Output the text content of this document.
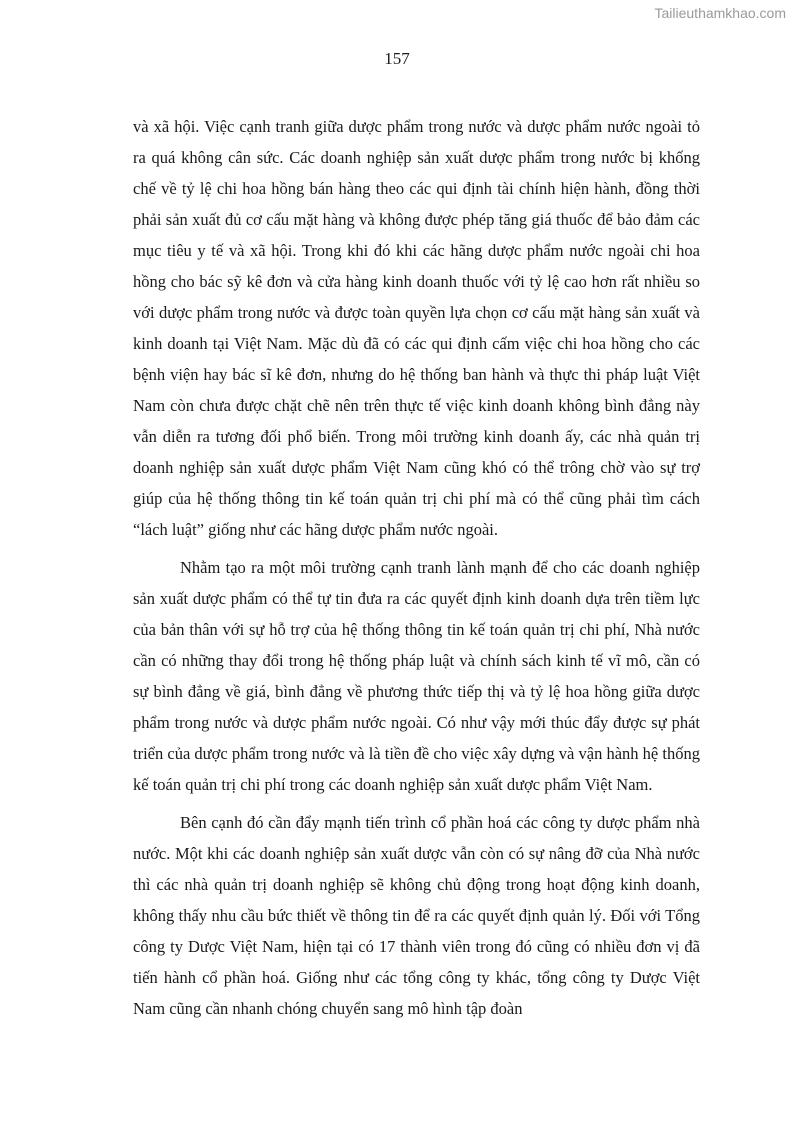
Tailieuthamkhao.com
157

và xã hội. Việc cạnh tranh giữa dược phẩm trong nước và dược phẩm nước ngoài tỏ ra quá không cân sức. Các doanh nghiệp sản xuất dược phẩm trong nước bị khống chế về tỷ lệ chi hoa hồng bán hàng theo các qui định tài chính hiện hành, đồng thời phải sản xuất đủ cơ cấu mặt hàng và không được phép tăng giá thuốc để bảo đảm các mục tiêu y tế và xã hội. Trong khi đó khi các hãng dược phẩm nước ngoài chi hoa hồng cho bác sỹ kê đơn và cửa hàng kinh doanh thuốc với tỷ lệ cao hơn rất nhiều so với dược phẩm trong nước và được toàn quyền lựa chọn cơ cấu mặt hàng sản xuất và kinh doanh tại Việt Nam. Mặc dù đã có các qui định cấm việc chi hoa hồng cho các bệnh viện hay bác sĩ kê đơn, nhưng do hệ thống ban hành và thực thi pháp luật Việt Nam còn chưa được chặt chẽ nên trên thực tế việc kinh doanh không bình đẳng này vẫn diễn ra tương đối phổ biến. Trong môi trường kinh doanh ấy, các nhà quản trị doanh nghiệp sản xuất dược phẩm Việt Nam cũng khó có thể trông chờ vào sự trợ giúp của hệ thống thông tin kế toán quản trị chi phí mà có thể cũng phải tìm cách “lách luật” giống như các hãng dược phẩm nước ngoài.

Nhằm tạo ra một môi trường cạnh tranh lành mạnh để cho các doanh nghiệp sản xuất dược phẩm có thể tự tin đưa ra các quyết định kinh doanh dựa trên tiềm lực của bản thân với sự hỗ trợ của hệ thống thông tin kế toán quản trị chi phí, Nhà nước cần có những thay đổi trong hệ thống pháp luật và chính sách kinh tế vĩ mô, cần có sự bình đẳng về giá, bình đẳng về phương thức tiếp thị và tỷ lệ hoa hồng giữa dược phẩm trong nước và dược phẩm nước ngoài. Có như vậy mới thúc đẩy được sự phát triển của dược phẩm trong nước và là tiền đề cho việc xây dựng và vận hành hệ thống kế toán quản trị chi phí trong các doanh nghiệp sản xuất dược phẩm Việt Nam.

Bên cạnh đó cần đẩy mạnh tiến trình cổ phần hoá các công ty dược phẩm nhà nước. Một khi các doanh nghiệp sản xuất dược vẫn còn có sự nâng đỡ của Nhà nước thì các nhà quản trị doanh nghiệp sẽ không chủ động trong hoạt động kinh doanh, không thấy nhu cầu bức thiết về thông tin để ra các quyết định quản lý. Đối với Tổng công ty Dược Việt Nam, hiện tại có 17 thành viên trong đó cũng có nhiều đơn vị đã tiến hành cổ phần hoá. Giống như các tổng công ty khác, tổng công ty Dược Việt Nam cũng cần nhanh chóng chuyển sang mô hình tập đoàn
